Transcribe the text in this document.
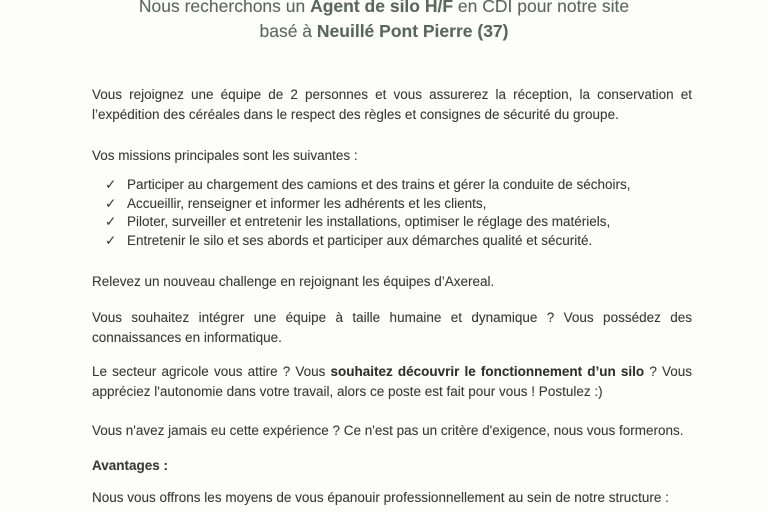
Nous recherchons un Agent de silo H/F en CDI pour notre site
basé à Neuillé Pont Pierre (37)

Vous rejoignez une équipe de 2 personnes et vous assurerez la réception, la conservation et l’expédition des céréales dans le respect des règles et consignes de sécurité du groupe.

Vos missions principales sont les suivantes :

✓ Participer au chargement des camions et des trains et gérer la conduite de séchoirs,
✓ Accueillir, renseigner et informer les adhérents et les clients,
✓ Piloter, surveiller et entretenir les installations, optimiser le réglage des matériels,
✓ Entretenir le silo et ses abords et participer aux démarches qualité et sécurité.

Relevez un nouveau challenge en rejoignant les équipes d’Axereal.

Vous souhaitez intégrer une équipe à taille humaine et dynamique ? Vous possédez des connaissances en informatique.

Le secteur agricole vous attire ? Vous souhaitez découvrir le fonctionnement d’un silo ? Vous appréciez l'autonomie dans votre travail, alors ce poste est fait pour vous ! Postulez :)

Vous n'avez jamais eu cette expérience ? Ce n'est pas un critère d'exigence, nous vous formerons.

Avantages :

Nous vous offrons les moyens de vous épanouir professionnellement au sein de notre structure :
